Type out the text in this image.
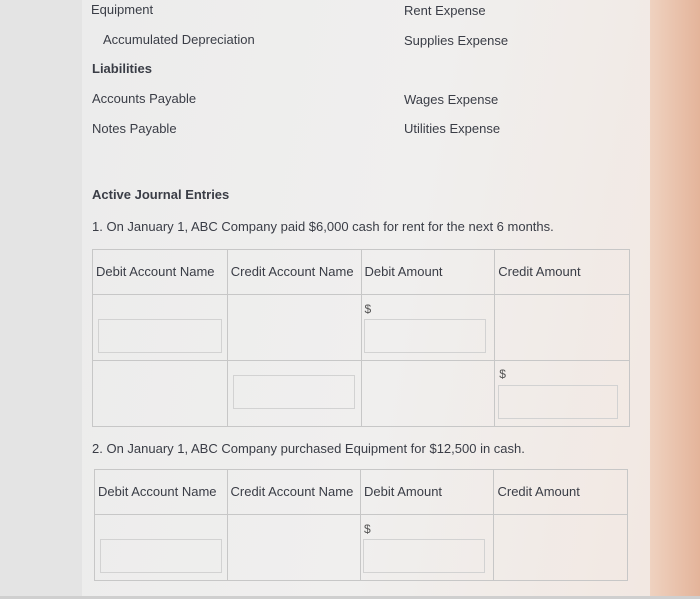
Equipment
Accumulated Depreciation
Liabilities
Accounts Payable
Notes Payable
Rent Expense
Supplies Expense
Wages Expense
Utilities Expense
Active Journal Entries
1. On January 1, ABC Company paid $6,000 cash for rent for the next 6 months.
Debit Account Name	Credit Account Name	Debit Amount	Credit Amount

		$	

			$
2. On January 1, ABC Company purchased Equipment for $12,500 in cash.
Debit Account Name	Credit Account Name	Debit Amount	Credit Amount

		$	
